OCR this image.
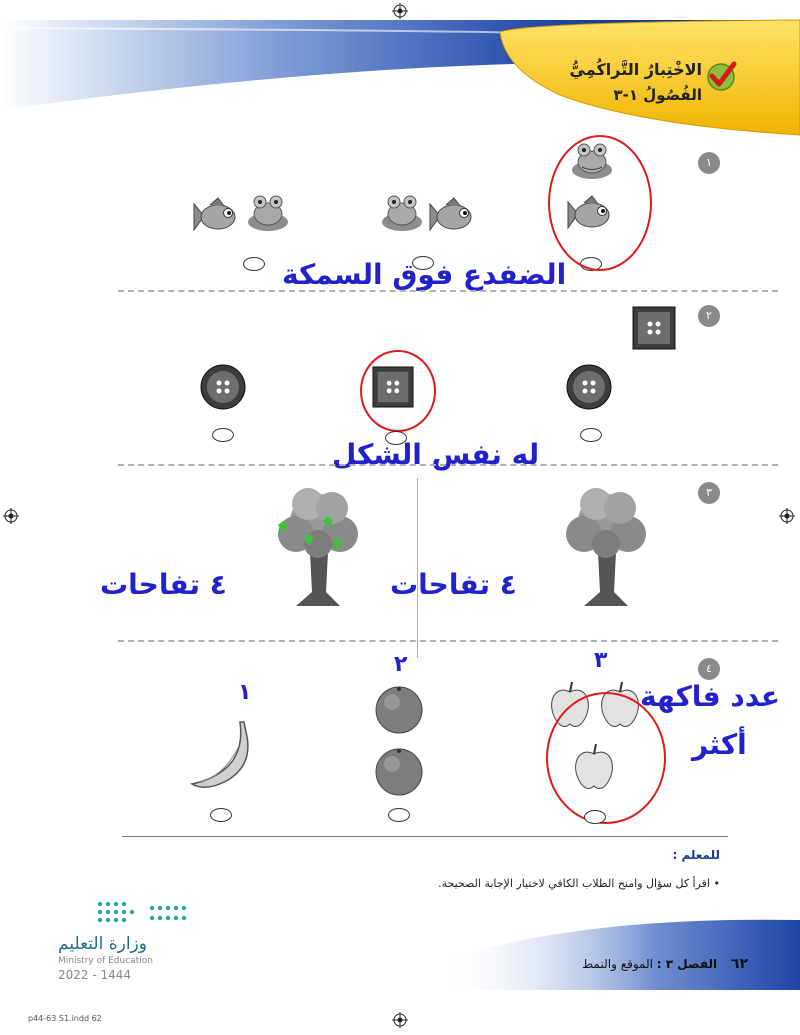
الاخْتِبارُ التَّراكُمِيُّ
الفُصُولُ ١-٣
١
الضفدع فوق السمكة
٢
له نفس الشكل
٣
٤ تفاحات
٤ تفاحات
٤
١
٢	٣
عدد فاكهة
أكثر
للمعلم :
• اقرأ كل سؤال وامنح الطلاب الكافي لاختيار الإجابة الصحيحة.
وزارة التعليم
Ministry of Education
2022 - 1444
٦٢ الفصل ٣ : الموقع والنمط
p44-63 S1.indd 62
